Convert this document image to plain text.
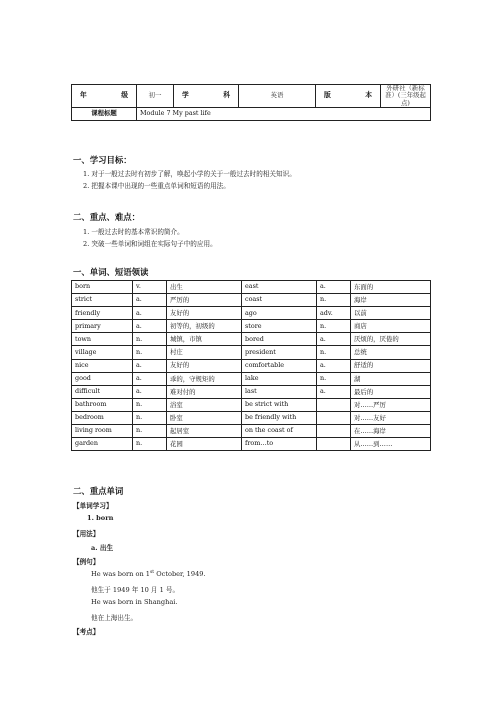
年 级	初一	学 科	英语	版 本	外研社（新标准）(三年级起点)
课程标题	Module 7 My past life				
一、学习目标：
1. 对于一般过去时有初步了解，唤起小学的关于一般过去时的相关知识。
2. 把握本课中出现的一些重点单词和短语的用法。
二、重点、难点：
1. 一般过去时的基本常识的简介。
2. 突破一些单词和词组在实际句子中的应用。
一、单词、短语领读
born	v.	出生	east	a.	东面的
strict	a.	严厉的	coast	n.	海岸
friendly	a.	友好的	ago	adv.	以前
primary	a.	初等的，初级的	store	n.	商店
town	n.	城镇，市镇	bored	a.	厌烦的，厌倦的
village	n.	村庄	president	n.	总统
nice	a.	友好的	comfortable	a.	舒适的
good	a.	乖的，守规矩的	lake	n.	湖
difficult	a.	难对付的	last	a.	最后的
bathroom	n.	浴室	be strict with		对……严厉
bedroom	n.	卧室	be friendly with		对……友好
living room	n.	起居室	on the coast of		在……海岸
garden	n.	花园	from…to		从……到……
二、重点单词
【单词学习】
1. born
【用法】
a. 出生
【例句】
He was born on 1st October, 1949.
他生于 1949 年 10 月 1 号。
He was born in Shanghai.
他在上海出生。
【考点】
